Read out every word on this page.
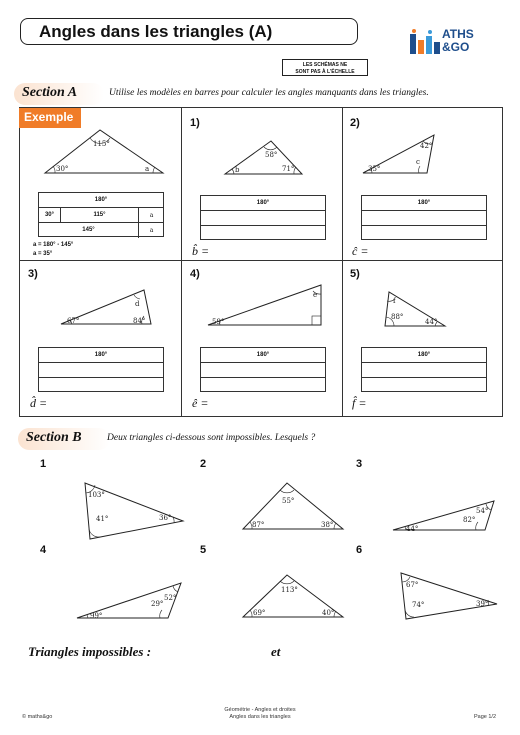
Angles dans les triangles (A)	ATHS
&GO
LES SCHÉMAS NE
SONT PAS À L'ÉCHELLE
Section A	Utilise les modèles en barres pour calculer les angles manquants dans les triangles.
Exemple
115°
30°	a
180°
30°	115°	a
145°	a
a = 180° - 145°
a = 35°
1)
58°
71°
b
180°
b̂ =
2)
42°
35°
c
180°
ĉ =
3)
d
84°
67°
180°
d̂ =
4)
e
59°
180°
ê =
5)
f
88°
44°
180°
f̂ =
Section B	Deux triangles ci-dessous sont impossibles. Lesquels ?
1
103°
41°	36°
2
55°
87°	38°
3
54°
82°
44°
4
52°
29°
99°
5
113°
69°	40°
6
67°
74°	39°
Triangles impossibles :	et
© maths&go
Géométrie - Angles et droites
Angles dans les triangles	Page 1/2
